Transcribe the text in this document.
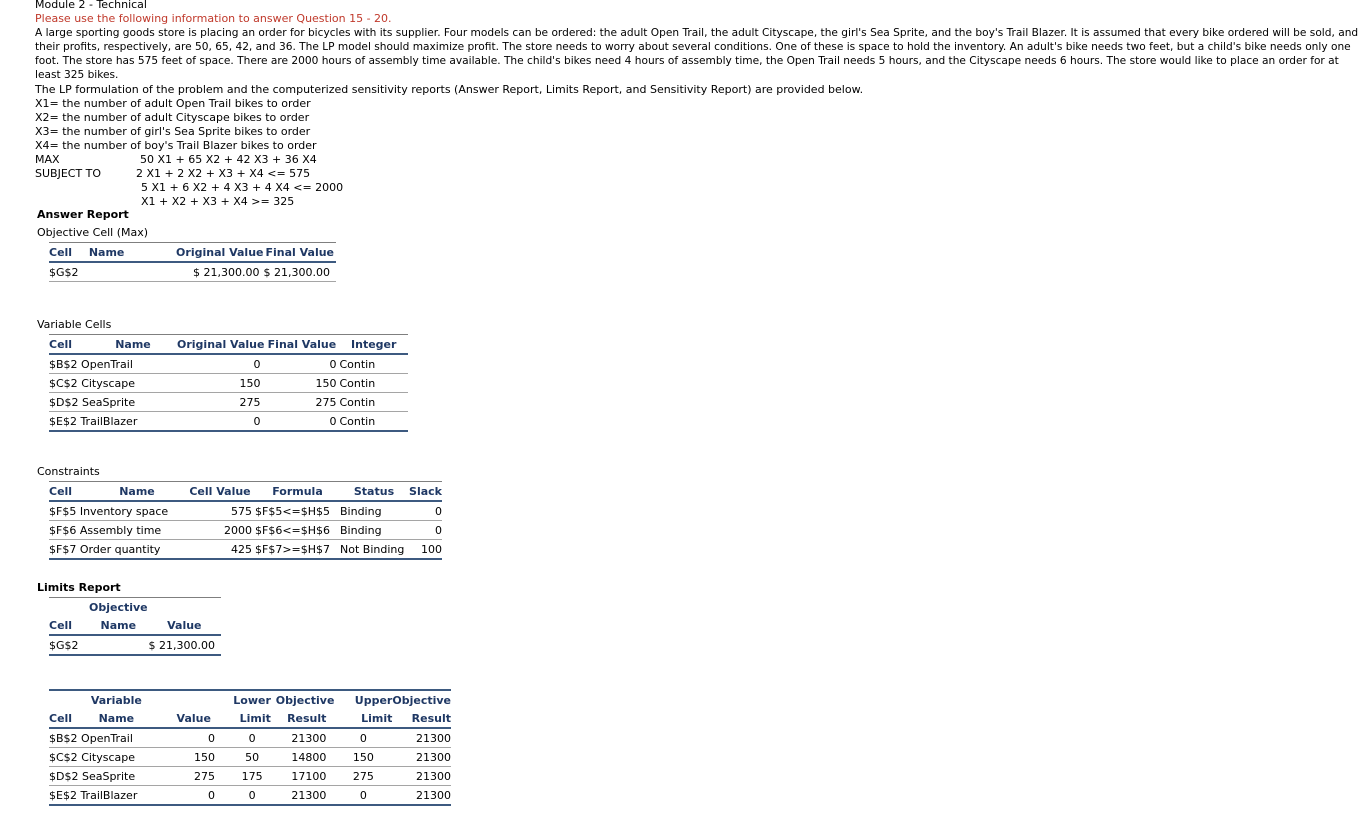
Module 2 - Technical
Please use the following information to answer Question 15 - 20.
A large sporting goods store is placing an order for bicycles with its supplier. Four models can be ordered: the adult Open Trail, the adult Cityscape, the girl's Sea Sprite, and the boy's Trail Blazer. It is assumed that every bike ordered will be sold, and their profits, respectively, are 50, 65, 42, and 36. The LP model should maximize profit. The store needs to worry about several conditions. One of these is space to hold the inventory. An adult's bike needs two feet, but a child's bike needs only one foot. The store has 575 feet of space. There are 2000 hours of assembly time available. The child's bikes need 4 hours of assembly time, the Open Trail needs 5 hours, and the Cityscape needs 6 hours. The store would like to place an order for at least 325 bikes.
The LP formulation of the problem and the computerized sensitivity reports (Answer Report, Limits Report, and Sensitivity Report) are provided below.
X1= the number of adult Open Trail bikes to order
X2= the number of adult Cityscape bikes to order
X3= the number of girl's Sea Sprite bikes to order
X4= the number of boy's Trail Blazer bikes to order
MAX	50 X1 + 65 X2 + 42 X3 + 36 X4
SUBJECT TO	2 X1 + 2 X2 + X3 + X4 <= 575
5 X1 + 6 X2 + 4 X3 + 4 X4 <= 2000
X1 + X2 + X3 + X4 >= 325
Answer Report
Objective Cell (Max)
Cell	Name	Original Value	Final Value
$G$2		$ 21,300.00	$ 21,300.00
Variable Cells
Cell	Name	Original Value	Final Value	Integer
$B$2 OpenTrail		0	0	Contin
$C$2 Cityscape		150	150	Contin
$D$2 SeaSprite		275	275	Contin
$E$2 TrailBlazer		0	0	Contin
Constraints
Cell	Name	Cell Value	Formula	Status	Slack
$F$5 Inventory space		575	$F$5<=$H$5	Binding	0
$F$6 Assembly time		2000	$F$6<=$H$6	Binding	0
$F$7 Order quantity		425	$F$7>=$H$7	Not Binding	100
Limits Report
	Objective	
Cell	Name	Value
$G$2		$ 21,300.00
	Variable			Lower	Objective	Upper	Objective
Cell	Name	Value		Limit	Result	Limit	Result
$B$2 OpenTrail		0		0	21300	0	21300
$C$2 Cityscape		150		50	14800	150	21300
$D$2 SeaSprite		275		175	17100	275	21300
$E$2 TrailBlazer		0		0	21300	0	21300
